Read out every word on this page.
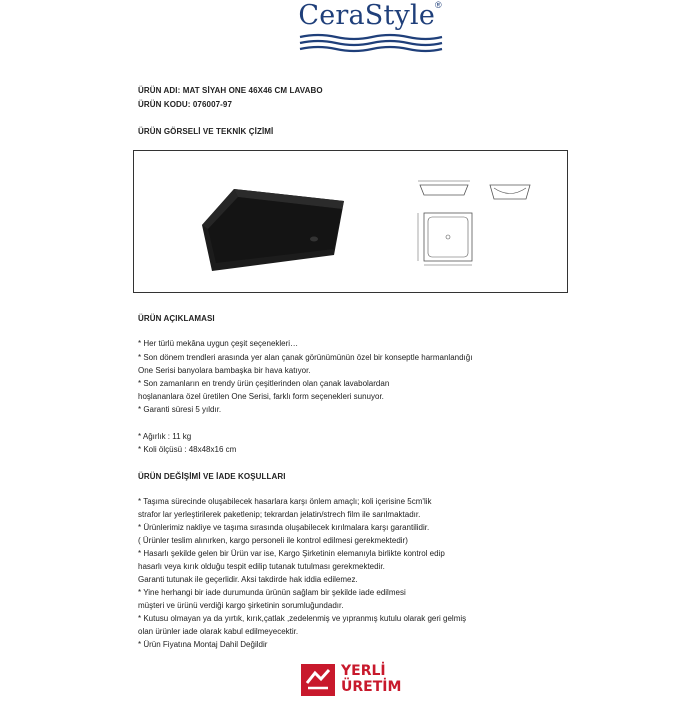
CeraStyle®
ÜRÜN ADI: MAT SİYAH ONE 46X46 CM LAVABO
ÜRÜN KODU: 076007-97
ÜRÜN GÖRSELİ VE TEKNİK ÇİZİMİ
ÜRÜN AÇIKLAMASI
* Her türlü mekâna uygun çeşit seçenekleri…
* Son dönem trendleri arasında yer alan çanak görünümünün özel bir konseptle harmanlandığı
One Serisi banyolara bambaşka bir hava katıyor.
* Son zamanların en trendy ürün çeşitlerinden olan çanak lavabolardan
hoşlananlara özel üretilen One Serisi, farklı form seçenekleri sunuyor.
* Garanti süresi 5 yıldır.
* Ağırlık : 11 kg
* Koli ölçüsü : 48x48x16 cm
ÜRÜN DEĞİŞİMİ VE İADE KOŞULLARI
* Taşıma sürecinde oluşabilecek hasarlara karşı önlem amaçlı; koli içerisine 5cm'lik
strafor lar yerleştirilerek paketlenip; tekrardan jelatin/strech film ile sarılmaktadır.
* Ürünlerimiz nakliye ve taşıma sırasında oluşabilecek kırılmalara karşı garantilidir.
( Ürünler teslim alınırken, kargo personeli ile kontrol edilmesi gerekmektedir)
* Hasarlı şekilde gelen bir Ürün var ise, Kargo Şirketinin elemanıyla birlikte kontrol edip
hasarlı veya kırık olduğu tespit edilip tutanak tutulması gerekmektedir.
Garanti tutunak ile geçerlidir. Aksi takdirde hak iddia edilemez.
* Yine herhangi bir iade durumunda ürünün sağlam bir şekilde iade edilmesi
müşteri ve ürünü verdiği kargo şirketinin sorumluğundadır.
* Kutusu olmayan ya da yırtık, kırık,çatlak ,zedelenmiş ve yıpranmış kutulu olarak geri gelmiş
olan ürünler iade olarak kabul edilmeyecektir.
* Ürün Fiyatına Montaj Dahil Değildir
YERLİ
ÜRETİM
